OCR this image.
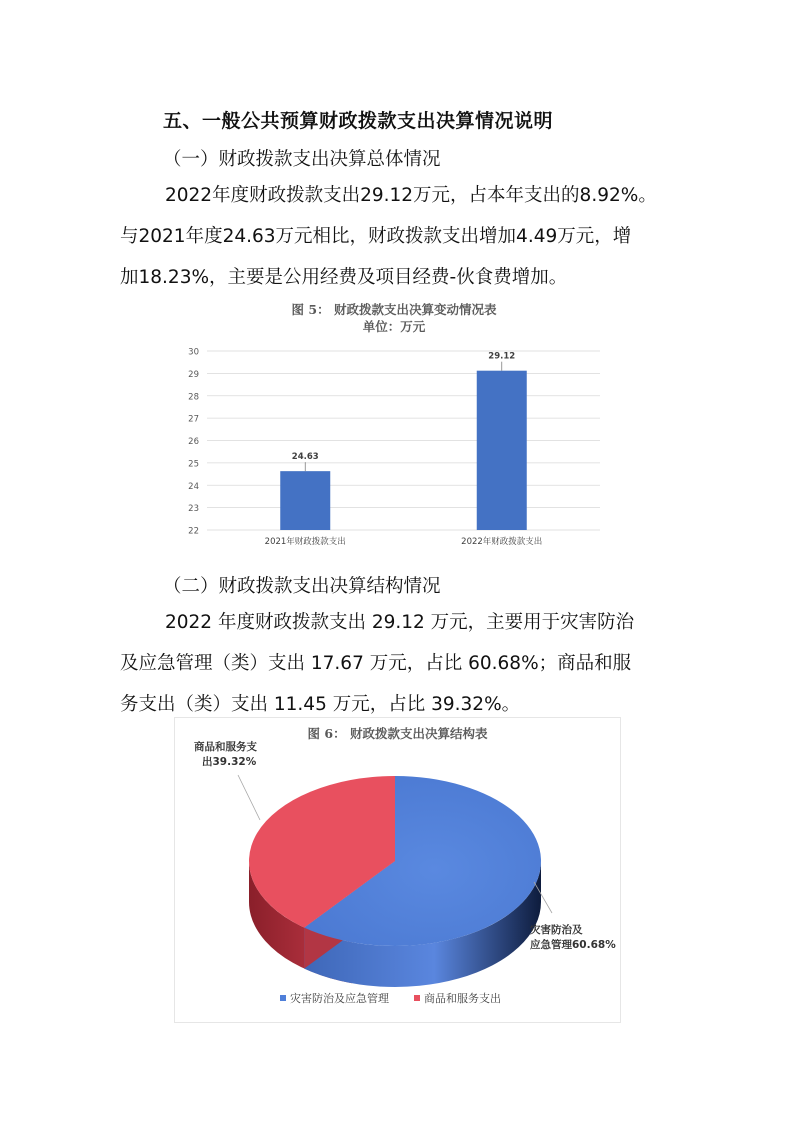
五、一般公共预算财政拨款支出决算情况说明
（一）财政拨款支出决算总体情况
2022年度财政拨款支出29.12万元，占本年支出的8.92%。
与2021年度24.63万元相比，财政拨款支出增加4.49万元，增
加18.23%，主要是公用经费及项目经费-伙食费增加。
图 5： 财政拨款支出决算变动情况表
单位：万元
22
23
24
25
26
27
28
29
30
24.63
2021年财政拨款支出
29.12
2022年财政拨款支出
（二）财政拨款支出决算结构情况
2022 年度财政拨款支出 29.12 万元，主要用于灾害防治
及应急管理（类）支出 17.67 万元，占比 60.68%；商品和服
务支出（类）支出 11.45 万元，占比 39.32%。
图 6： 财政拨款支出决算结构表
灾害防治及应急管理60.68%
商品和服务支出39.32%
灾害防治及应急管理	商品和服务支出
